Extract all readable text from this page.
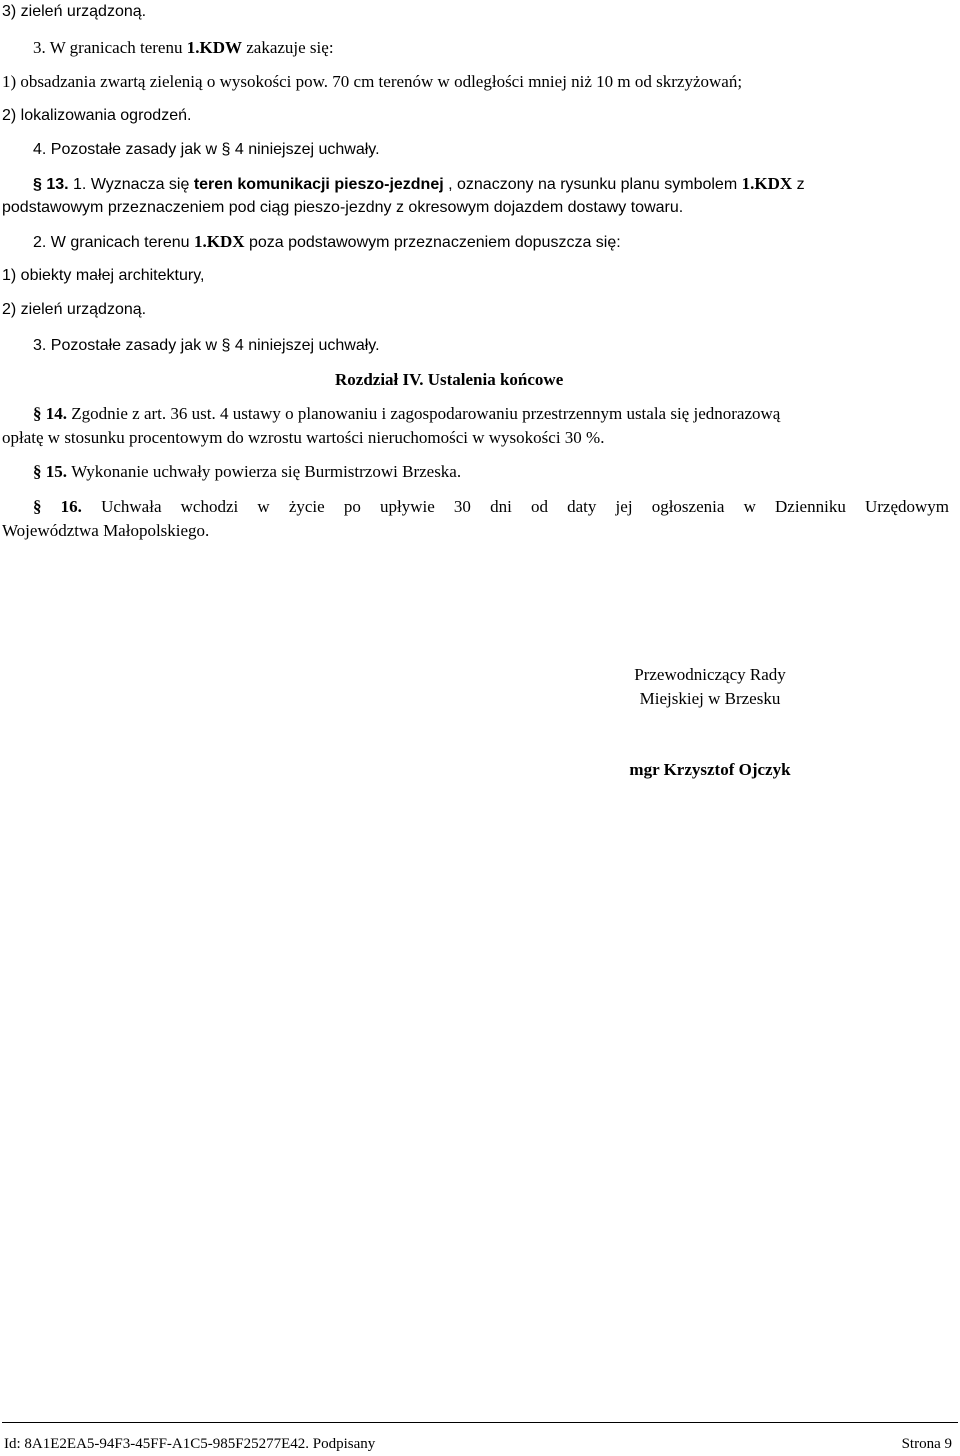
3) zieleń urządzoną.
3. W granicach terenu 1.KDW zakazuje się:
1) obsadzania zwartą zielenią o wysokości pow. 70 cm terenów w odległości mniej niż 10 m od skrzyżowań;
2) lokalizowania ogrodzeń.
4. Pozostałe zasady jak w § 4 niniejszej uchwały.
§ 13. 1. Wyznacza się teren komunikacji pieszo-jezdnej , oznaczony na rysunku planu symbolem 1.KDX z
podstawowym przeznaczeniem pod ciąg pieszo-jezdny z okresowym dojazdem dostawy towaru.
2. W granicach terenu 1.KDX poza podstawowym przeznaczeniem dopuszcza się:
1) obiekty małej architektury,
2) zieleń urządzoną.
3. Pozostałe zasady jak w § 4 niniejszej uchwały.
Rozdział IV. Ustalenia końcowe
§ 14. Zgodnie z art. 36 ust. 4 ustawy o planowaniu i zagospodarowaniu przestrzennym ustala się jednorazową
opłatę w stosunku procentowym do wzrostu wartości nieruchomości w wysokości 30 %.
§ 15. Wykonanie uchwały powierza się Burmistrzowi Brzeska.
§ 16. Uchwała wchodzi w życie po upływie 30 dni od daty jej ogłoszenia w Dzienniku Urzędowym
Województwa Małopolskiego.
Przewodniczący Rady
Miejskiej w Brzesku
mgr Krzysztof Ojczyk
Id: 8A1E2EA5-94F3-45FF-A1C5-985F25277E42. Podpisany	Strona 9
